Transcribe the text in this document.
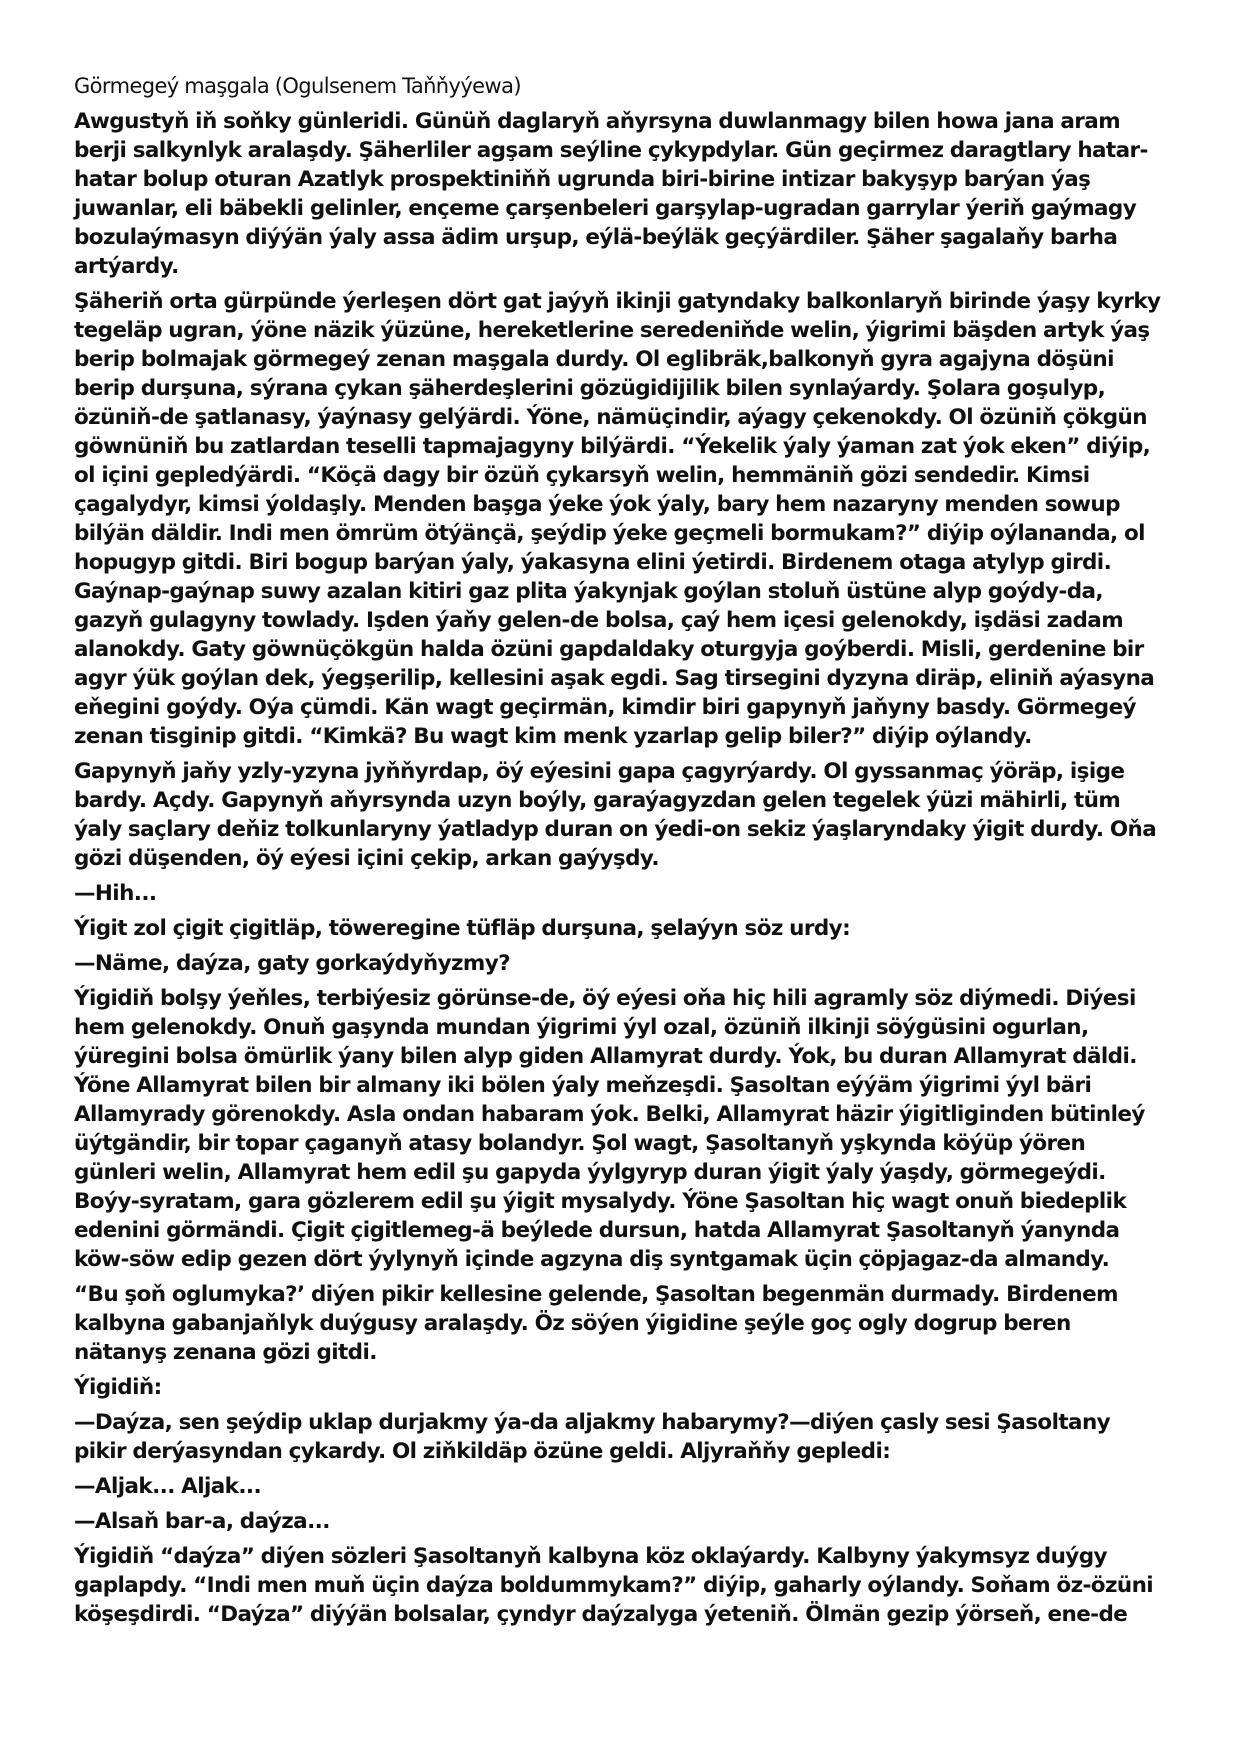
Görmegeý maşgala (Ogulsenem Taňňyýewa)

Awgustyň iň soňky günleridi. Günüň daglaryň aňyrsyna duwlanmagy bilen howa jana aram berji salkynlyk aralaşdy. Şäherliler agşam seýline çykypdylar. Gün geçirmez daragtlary hatar-hatar bolup oturan Azatlyk prospektiniňň ugrunda biri-birine intizar bakyşyp barýan ýaş juwanlar, eli bäbekli gelinler, ençeme çarşenbeleri garşylap-ugradan garrylar ýeriň gaýmagy bozulaýmasyn diýýän ýaly assa ädim urşup, eýlä-beýläk geçýärdiler. Şäher şagalaňy barha artýardy.

Şäheriň orta gürpünde ýerleşen dört gat jaýyň ikinji gatyndaky balkonlaryň birinde ýaşy kyrky tegeläp ugran, ýöne näzik ýüzüne, hereketlerine seredeniňde welin, ýigrimi bäşden artyk ýaş berip bolmajak görmegeý zenan maşgala durdy. Ol eglibräk,balkonyň gyra agajyna döşüni berip durşuna, sýrana çykan şäherdeşlerini gözügidijilik bilen synlaýardy. Şolara goşulyp, özüniň-de şatlanasy, ýaýnasy gelýärdi. Ýöne, nämüçindir, aýagy çekenokdy. Ol özüniň çökgün göwnüniň bu zatlardan teselli tapmajagyny bilýärdi. “Ýekelik ýaly ýaman zat ýok eken” diýip, ol içini gepledýärdi. “Köçä dagy bir özüň çykarsyň welin, hemmäniň gözi sendedir. Kimsi çagalydyr, kimsi ýoldaşly. Menden başga ýeke ýok ýaly, bary hem nazaryny menden sowup bilýän däldir. Indi men ömrüm ötýänçä, şeýdip ýeke geçmeli bormukam?” diýip oýlananda, ol hopugyp gitdi. Biri bogup barýan ýaly, ýakasyna elini ýetirdi. Birdenem otaga atylyp girdi. Gaýnap-gaýnap suwy azalan kitiri gaz plita ýakynjak goýlan stoluň üstüne alyp goýdy-da, gazyň gulagyny towlady. Işden ýaňy gelen-de bolsa, çaý hem içesi gelenokdy, işdäsi zadam alanokdy. Gaty göwnüçökgün halda özüni gapdaldaky oturgyja goýberdi. Misli, gerdenine bir agyr ýük goýlan dek, ýegşerilip, kellesini aşak egdi. Sag tirsegini dyzyna diräp, eliniň aýasyna eňegini goýdy. Oýa çümdi. Kän wagt geçirmän, kimdir biri gapynyň jaňyny basdy. Görmegeý zenan tisginip gitdi. “Kimkä? Bu wagt kim menk yzarlap gelip biler?” diýip oýlandy.

Gapynyň jaňy yzly-yzyna jyňňyrdap, öý eýesini gapa çagyrýardy. Ol gyssanmaç ýöräp, işige bardy. Açdy. Gapynyň aňyrsynda uzyn boýly, garaýagyzdan gelen tegelek ýüzi mähirli, tüm ýaly saçlary deňiz tolkunlaryny ýatladyp duran on ýedi-on sekiz ýaşlaryndaky ýigit durdy. Oňa gözi düşenden, öý eýesi içini çekip, arkan gaýyşdy.

—Hih...

Ýigit zol çigit çigitläp, töweregine tüfläp durşuna, şelaýyn söz urdy:

—Näme, daýza, gaty gorkaýdyňyzmy?

Ýigidiň bolşy ýeňles, terbiýesiz görünse-de, öý eýesi oňa hiç hili agramly söz diýmedi. Diýesi hem gelenokdy. Onuň gaşynda mundan ýigrimi ýyl ozal, özüniň ilkinji söýgüsini ogurlan, ýüregini bolsa ömürlik ýany bilen alyp giden Allamyrat durdy. Ýok, bu duran Allamyrat däldi. Ýöne Allamyrat bilen bir almany iki bölen ýaly meňzeşdi. Şasoltan eýýäm ýigrimi ýyl bäri Allamyrady görenokdy. Asla ondan habaram ýok. Belki, Allamyrat häzir ýigitliginden bütinleý üýtgändir, bir topar çaganyň atasy bolandyr. Şol wagt, Şasoltanyň yşkynda köýüp ýören günleri welin, Allamyrat hem edil şu gapyda ýylgyryp duran ýigit ýaly ýaşdy, görmegeýdi. Boýy-syratam, gara gözlerem edil şu ýigit mysalydy. Ýöne Şasoltan hiç wagt onuň biedeplik edenini görmändi. Çigit çigitlemeg-ä beýlede dursun, hatda Allamyrat Şasoltanyň ýanynda köw-söw edip gezen dört ýylynyň içinde agzyna diş syntgamak üçin çöpjagaz-da almandy.

“Bu şoň oglumyka?’ diýen pikir kellesine gelende, Şasoltan begenmän durmady. Birdenem kalbyna gabanjaňlyk duýgusy aralaşdy. Öz söýen ýigidine şeýle goç ogly dogrup beren nätanyş zenana gözi gitdi.

Ýigidiň:

—Daýza, sen şeýdip uklap durjakmy ýa-da aljakmy habarymy?—diýen çasly sesi Şasoltany pikir derýasyndan çykardy. Ol ziňkildäp özüne geldi. Aljyraňňy gepledi:

—Aljak... Aljak...

—Alsaň bar-a, daýza...

Ýigidiň “daýza” diýen sözleri Şasoltanyň kalbyna köz oklaýardy. Kalbyny ýakymsyz duýgy gaplapdy. “Indi men muň üçin daýza boldummykam?” diýip, gaharly oýlandy. Soňam öz-özüni köşeşdirdi. “Daýza” diýýän bolsalar, çyndyr daýzalyga ýeteniň. Ölmän gezip ýörseň, ene-de
